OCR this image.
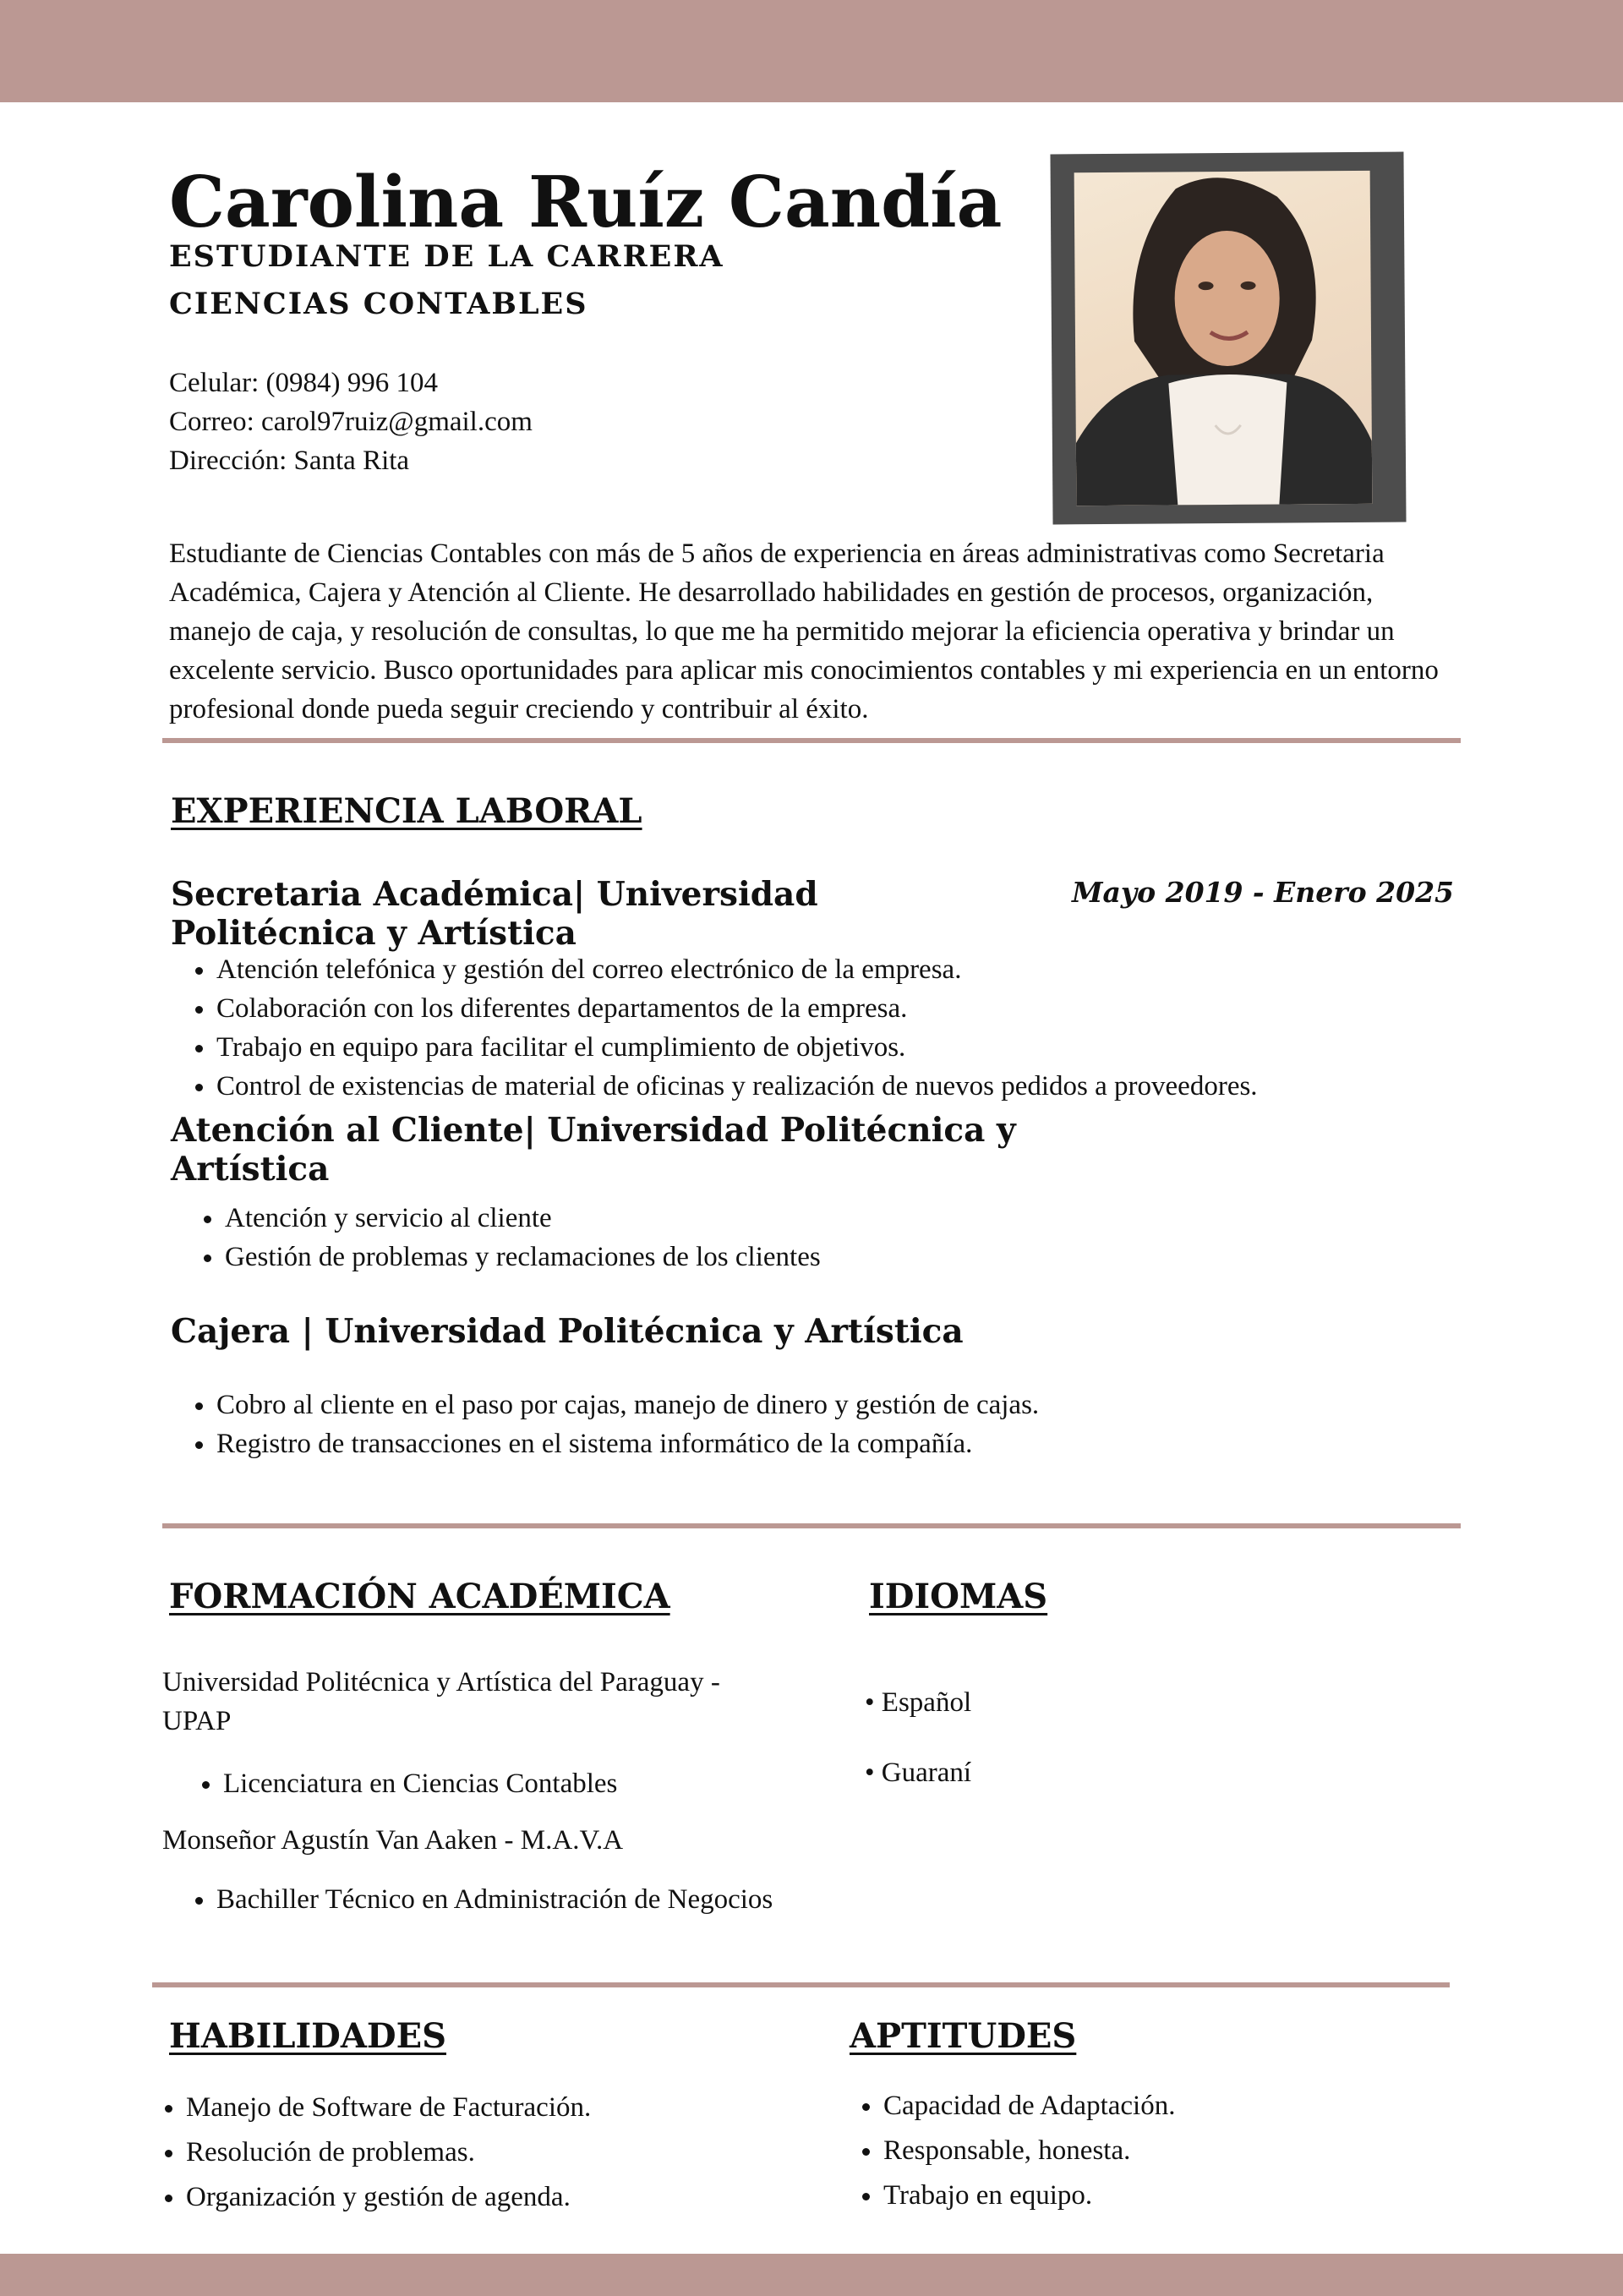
Carolina Ruíz Candía
ESTUDIANTE DE LA CARRERA
CIENCIAS CONTABLES
Celular: (0984) 996 104
Correo: carol97ruiz@gmail.com
Dirección: Santa Rita
Estudiante de Ciencias Contables con más de 5 años de experiencia en áreas administrativas como Secretaria Académica, Cajera y Atención al Cliente. He desarrollado habilidades en gestión de procesos, organización, manejo de caja, y resolución de consultas, lo que me ha permitido mejorar la eficiencia operativa y brindar un excelente servicio. Busco oportunidades para aplicar mis conocimientos contables y mi experiencia en un entorno profesional donde pueda seguir creciendo y contribuir al éxito.
EXPERIENCIA LABORAL
Secretaria Académica| Universidad Politécnica y Artística
Mayo 2019 - Enero 2025
• Atención telefónica y gestión del correo electrónico de la empresa.
• Colaboración con los diferentes departamentos de la empresa.
• Trabajo en equipo para facilitar el cumplimiento de objetivos.
• Control de existencias de material de oficinas y realización de nuevos pedidos a proveedores.
Atención al Cliente| Universidad Politécnica y Artística
• Atención y servicio al cliente
• Gestión de problemas y reclamaciones de los clientes
Cajera | Universidad Politécnica y Artística
• Cobro al cliente en el paso por cajas, manejo de dinero y gestión de cajas.
• Registro de transacciones en el sistema informático de la compañía.
FORMACIÓN ACADÉMICA
Universidad Politécnica y Artística del Paraguay - UPAP
• Licenciatura en Ciencias Contables
Monseñor Agustín Van Aaken - M.A.V.A
• Bachiller Técnico en Administración de Negocios
IDIOMAS
• Español
• Guaraní
HABILIDADES
• Manejo de Software de Facturación.
• Resolución de problemas.
• Organización y gestión de agenda.
APTITUDES
• Capacidad de Adaptación.
• Responsable, honesta.
• Trabajo en equipo.
